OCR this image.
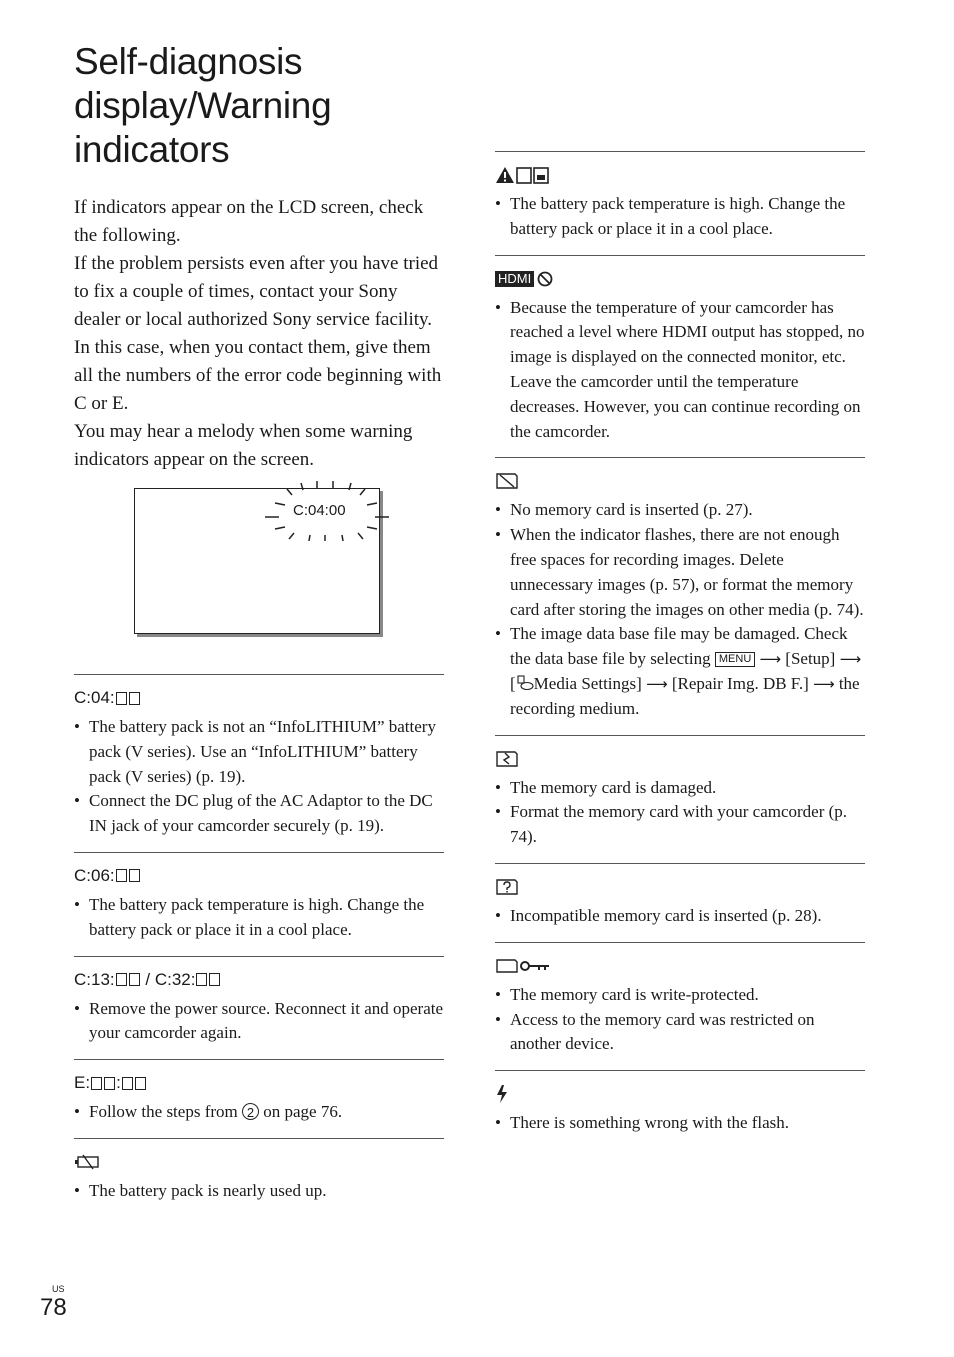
Self-diagnosis display/Warning indicators

If indicators appear on the LCD screen, check the following.

If the problem persists even after you have tried to fix a couple of times, contact your Sony dealer or local authorized Sony service facility. In this case, when you contact them, give them all the numbers of the error code beginning with C or E.

You may hear a melody when some warning indicators appear on the screen.

C:04:00
C:04:
• The battery pack is not an “InfoLITHIUM” battery pack (V series). Use an “InfoLITHIUM” battery pack (V series) (p. 19).
• Connect the DC plug of the AC Adaptor to the DC IN jack of your camcorder securely (p. 19).
C:06:
• The battery pack temperature is high. Change the battery pack or place it in a cool place.
C:13: / C:32:
• Remove the power source. Reconnect it and operate your camcorder again.
E: :
• Follow the steps from 2 on page 76.
• The battery pack is nearly used up.
• The battery pack temperature is high. Change the battery pack or place it in a cool place.
HDMI
• Because the temperature of your camcorder has reached a level where HDMI output has stopped, no image is displayed on the connected monitor, etc. Leave the camcorder until the temperature decreases. However, you can continue recording on the camcorder.
• No memory card is inserted (p. 27).
• When the indicator flashes, there are not enough free spaces for recording images. Delete unnecessary images (p. 57), or format the memory card after storing the images on other media (p. 74).
• The image data base file may be damaged. Check the data base file by selecting MENU ⟶ [Setup] ⟶ [ Media Settings] ⟶ [Repair Img. DB F.] ⟶ the recording medium.
• The memory card is damaged.
• Format the memory card with your camcorder (p. 74).
• Incompatible memory card is inserted (p. 28).
• The memory card is write-protected.
• Access to the memory card was restricted on another device.
• There is something wrong with the flash.
US
78
